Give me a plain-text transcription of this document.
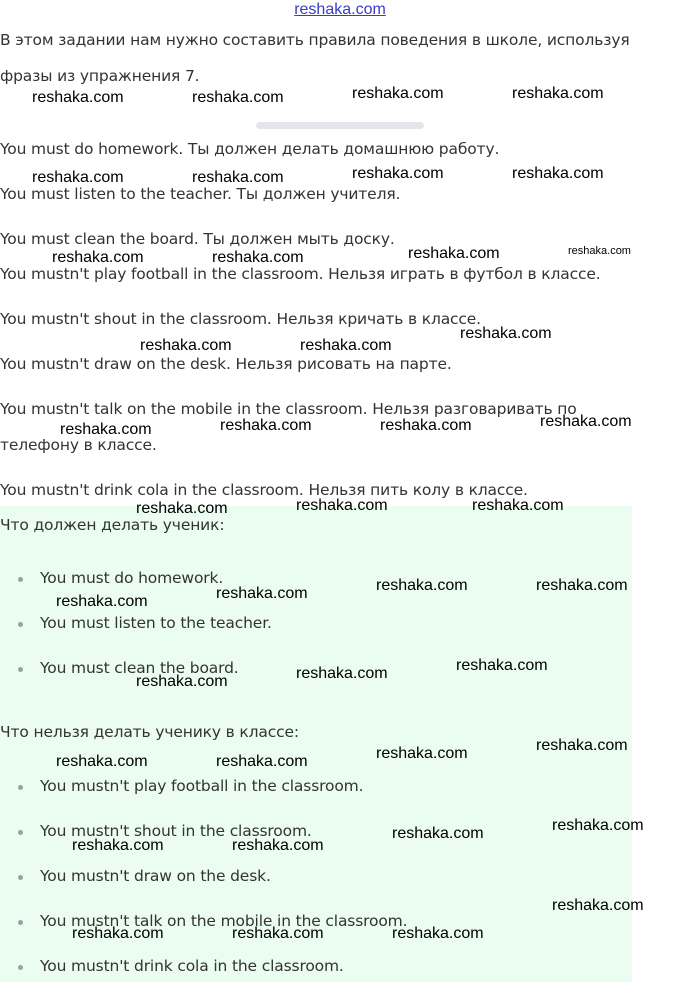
reshaka.com

В этом задании нам нужно составить правила поведения в школе, используя

фразы из упражнения 7.

You must do homework. Ты должен делать домашнюю работу.

You must listen to the teacher. Ты должен учителя.

You must clean the board. Ты должен мыть доску.

You mustn't play football in the classroom. Нельзя играть в футбол в классе.

You mustn't shout in the classroom. Нельзя кричать в классе.

You mustn't draw on the desk. Нельзя рисовать на парте.

You mustn't talk on the mobile in the classroom. Нельзя разговаривать по

телефону в классе.

You mustn't drink cola in the classroom. Нельзя пить колу в классе.

Что должен делать ученик:

You must do homework.
You must listen to the teacher.
You must clean the board.

Что нельзя делать ученику в классе:

You mustn't play football in the classroom.
You mustn't shout in the classroom.
You mustn't draw on the desk.
You mustn't talk on the mobile in the classroom.
You mustn't drink cola in the classroom.
reshaka.com	reshaka.com	reshaka.com	reshaka.com
reshaka.com	reshaka.com	reshaka.com	reshaka.com
reshaka.com	reshaka.com	reshaka.com	reshaka.com
reshaka.com
reshaka.com	reshaka.com
reshaka.com	reshaka.com	reshaka.com	reshaka.com
reshaka.com	reshaka.com	reshaka.com
reshaka.com	reshaka.com
reshaka.com
reshaka.com
reshaka.com
reshaka.com
reshaka.com
reshaka.com
reshaka.com
reshaka.com	reshaka.com
reshaka.com
reshaka.com
reshaka.com	reshaka.com
reshaka.com
reshaka.com	reshaka.com	reshaka.com
